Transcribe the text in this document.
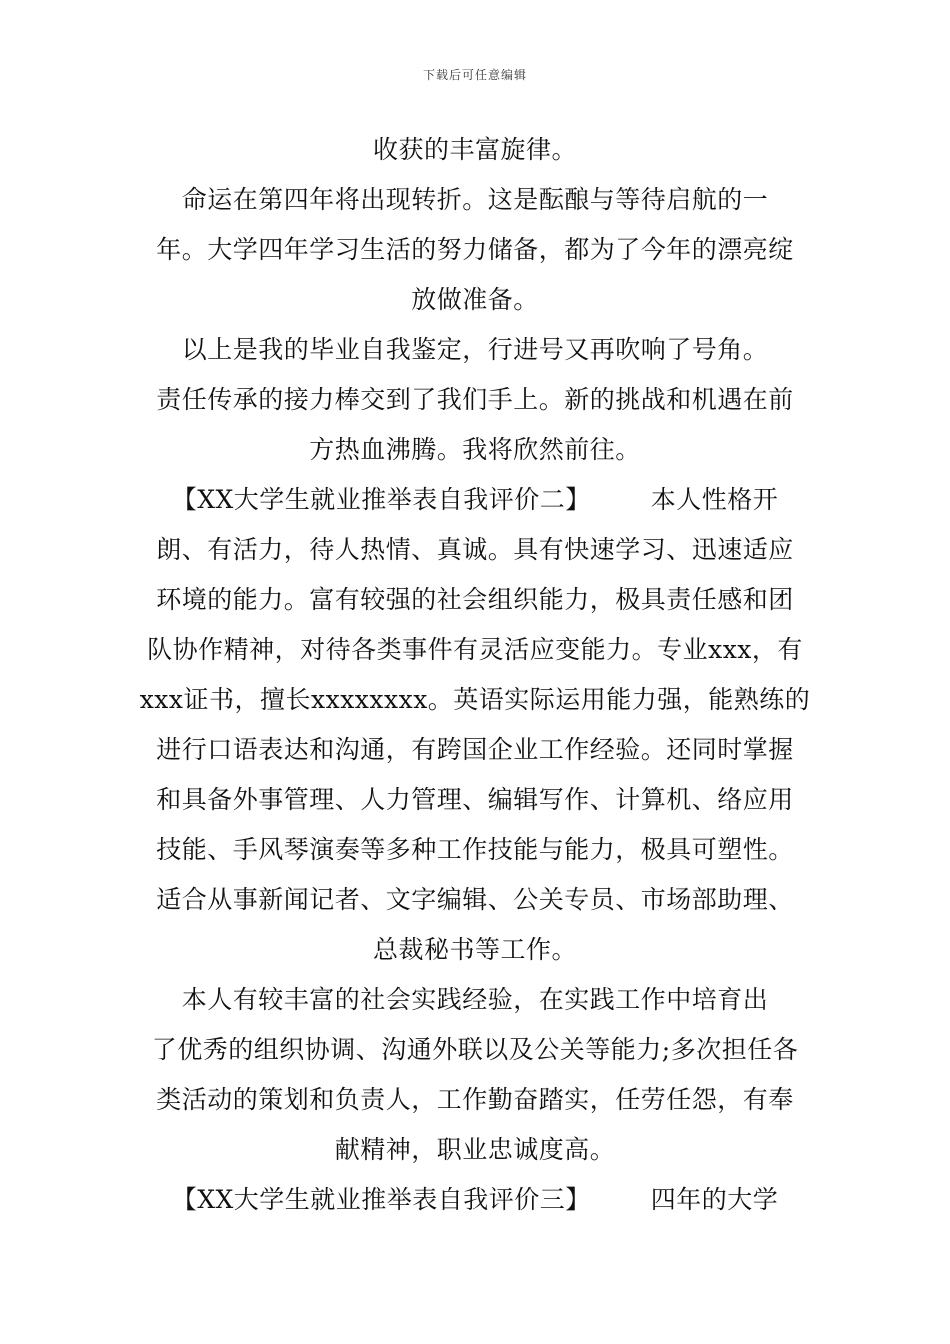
下载后可任意编辑
收获的丰富旋律。
命运在第四年将出现转折。这是酝酿与等待启航的一
年。大学四年学习生活的努力储备，都为了今年的漂亮绽
放做准备。
以上是我的毕业自我鉴定，行进号又再吹响了号角。
责任传承的接力棒交到了我们手上。新的挑战和机遇在前
方热血沸腾。我将欣然前往。
【XX大学生就业推举表自我评价二】 本人性格开
朗、有活力，待人热情、真诚。具有快速学习、迅速适应
环境的能力。富有较强的社会组织能力，极具责任感和团
队协作精神，对待各类事件有灵活应变能力。专业xxx，有
xxx证书，擅长xxxxxxxx。英语实际运用能力强，能熟练的
进行口语表达和沟通，有跨国企业工作经验。还同时掌握
和具备外事管理、人力管理、编辑写作、计算机、络应用
技能、手风琴演奏等多种工作技能与能力，极具可塑性。
适合从事新闻记者、文字编辑、公关专员、市场部助理、
总裁秘书等工作。
本人有较丰富的社会实践经验，在实践工作中培育出
了优秀的组织协调、沟通外联以及公关等能力;多次担任各
类活动的策划和负责人，工作勤奋踏实，任劳任怨，有奉
献精神，职业忠诚度高。
【XX大学生就业推举表自我评价三】 四年的大学
